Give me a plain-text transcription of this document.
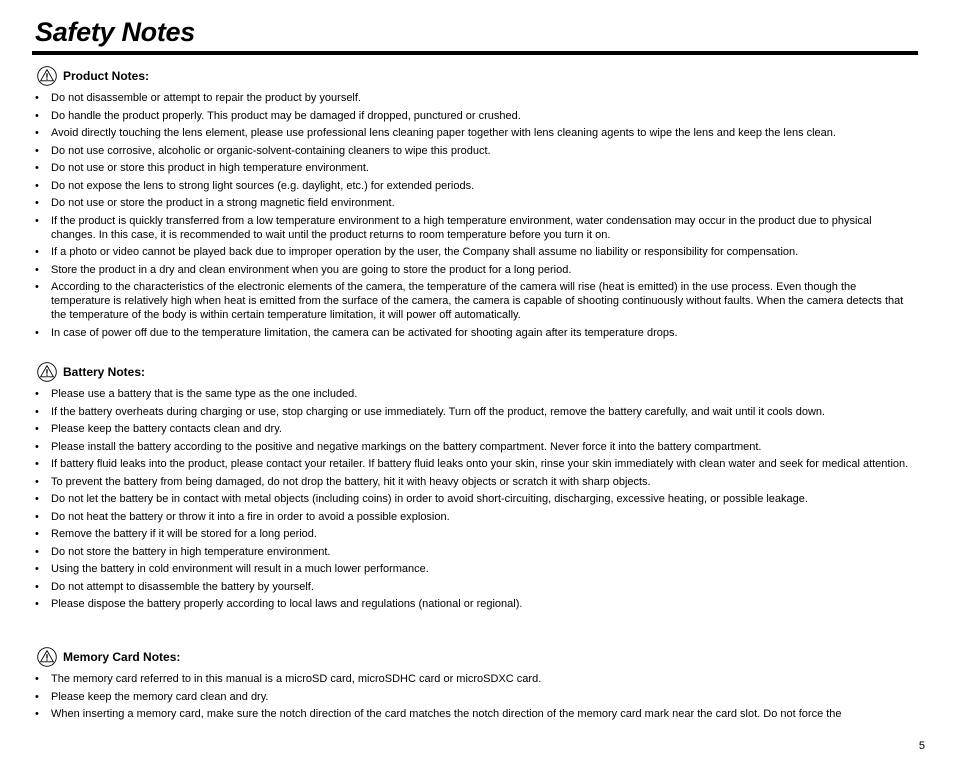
Safety Notes
Product Notes:
• Do not disassemble or attempt to repair the product by yourself.
• Do handle the product properly. This product may be damaged if dropped, punctured or crushed.
• Avoid directly touching the lens element, please use professional lens cleaning paper together with lens cleaning agents to wipe the lens and keep the lens clean.
• Do not use corrosive, alcoholic or organic-solvent-containing cleaners to wipe this product.
• Do not use or store this product in high temperature environment.
• Do not expose the lens to strong light sources (e.g. daylight, etc.) for extended periods.
• Do not use or store the product in a strong magnetic field environment.
• If the product is quickly transferred from a low temperature environment to a high temperature environment, water condensation may occur in the product due to physical changes. In this case, it is recommended to wait until the product returns to room temperature before you turn it on.
• If a photo or video cannot be played back due to improper operation by the user, the Company shall assume no liability or responsibility for compensation.
• Store the product in a dry and clean environment when you are going to store the product for a long period.
• According to the characteristics of the electronic elements of the camera, the temperature of the camera will rise (heat is emitted) in the use process. Even though the temperature is relatively high when heat is emitted from the surface of the camera, the camera is capable of shooting continuously without faults. When the camera detects that the temperature of the body is within certain temperature limitation, it will power off automatically.
• In case of power off due to the temperature limitation, the camera can be activated for shooting again after its temperature drops.
Battery Notes:
• Please use a battery that is the same type as the one included.
• If the battery overheats during charging or use, stop charging or use immediately. Turn off the product, remove the battery carefully, and wait until it cools down.
• Please keep the battery contacts clean and dry.
• Please install the battery according to the positive and negative markings on the battery compartment. Never force it into the battery compartment.
• If battery fluid leaks into the product, please contact your retailer. If battery fluid leaks onto your skin, rinse your skin immediately with clean water and seek for medical attention.
• To prevent the battery from being damaged, do not drop the battery, hit it with heavy objects or scratch it with sharp objects.
• Do not let the battery be in contact with metal objects (including coins) in order to avoid short-circuiting, discharging, excessive heating, or possible leakage.
• Do not heat the battery or throw it into a fire in order to avoid a possible explosion.
• Remove the battery if it will be stored for a long period.
• Do not store the battery in high temperature environment.
• Using the battery in cold environment will result in a much lower performance.
• Do not attempt to disassemble the battery by yourself.
• Please dispose the battery properly according to local laws and regulations (national or regional).
Memory Card Notes:
• The memory card referred to in this manual is a microSD card, microSDHC card or microSDXC card.
• Please keep the memory card clean and dry.
• When inserting a memory card, make sure the notch direction of the card matches the notch direction of the memory card mark near the card slot. Do not force the
5
